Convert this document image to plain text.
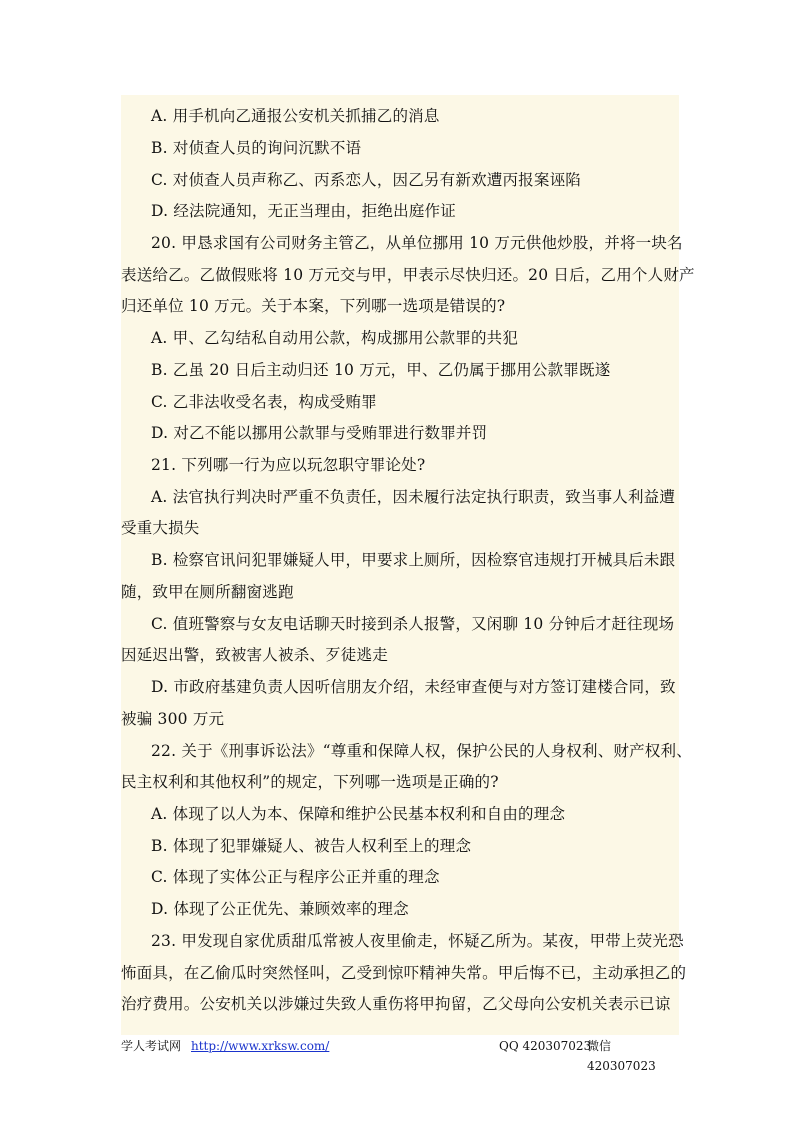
A. 用手机向乙通报公安机关抓捕乙的消息
B. 对侦查人员的询问沉默不语
C. 对侦查人员声称乙、丙系恋人，因乙另有新欢遭丙报案诬陷
D. 经法院通知，无正当理由，拒绝出庭作证
20. 甲恳求国有公司财务主管乙，从单位挪用 10 万元供他炒股，并将一块名
表送给乙。乙做假账将 10 万元交与甲，甲表示尽快归还。20 日后，乙用个人财产
归还单位 10 万元。关于本案，下列哪一选项是错误的?
A. 甲、乙勾结私自动用公款，构成挪用公款罪的共犯
B. 乙虽 20 日后主动归还 10 万元，甲、乙仍属于挪用公款罪既遂
C. 乙非法收受名表，构成受贿罪
D. 对乙不能以挪用公款罪与受贿罪进行数罪并罚
21. 下列哪一行为应以玩忽职守罪论处?
A. 法官执行判决时严重不负责任，因未履行法定执行职责，致当事人利益遭
受重大损失
B. 检察官讯问犯罪嫌疑人甲，甲要求上厕所，因检察官违规打开械具后未跟
随，致甲在厕所翻窗逃跑
C. 值班警察与女友电话聊天时接到杀人报警，又闲聊 10 分钟后才赶往现场
因延迟出警，致被害人被杀、歹徒逃走
D. 市政府基建负责人因听信朋友介绍，未经审查便与对方签订建楼合同，致
被骗 300 万元
22. 关于《刑事诉讼法》“尊重和保障人权，保护公民的人身权利、财产权利、
民主权利和其他权利”的规定，下列哪一选项是正确的?
A. 体现了以人为本、保障和维护公民基本权利和自由的理念
B. 体现了犯罪嫌疑人、被告人权利至上的理念
C. 体现了实体公正与程序公正并重的理念
D. 体现了公正优先、兼顾效率的理念
23. 甲发现自家优质甜瓜常被人夜里偷走，怀疑乙所为。某夜，甲带上荧光恐
怖面具，在乙偷瓜时突然怪叫，乙受到惊吓精神失常。甲后悔不已，主动承担乙的
治疗费用。公安机关以涉嫌过失致人重伤将甲拘留，乙父母向公安机关表示已谅
学人考试网 http://www.xrksw.com/	QQ 420307023
微信 420307023
